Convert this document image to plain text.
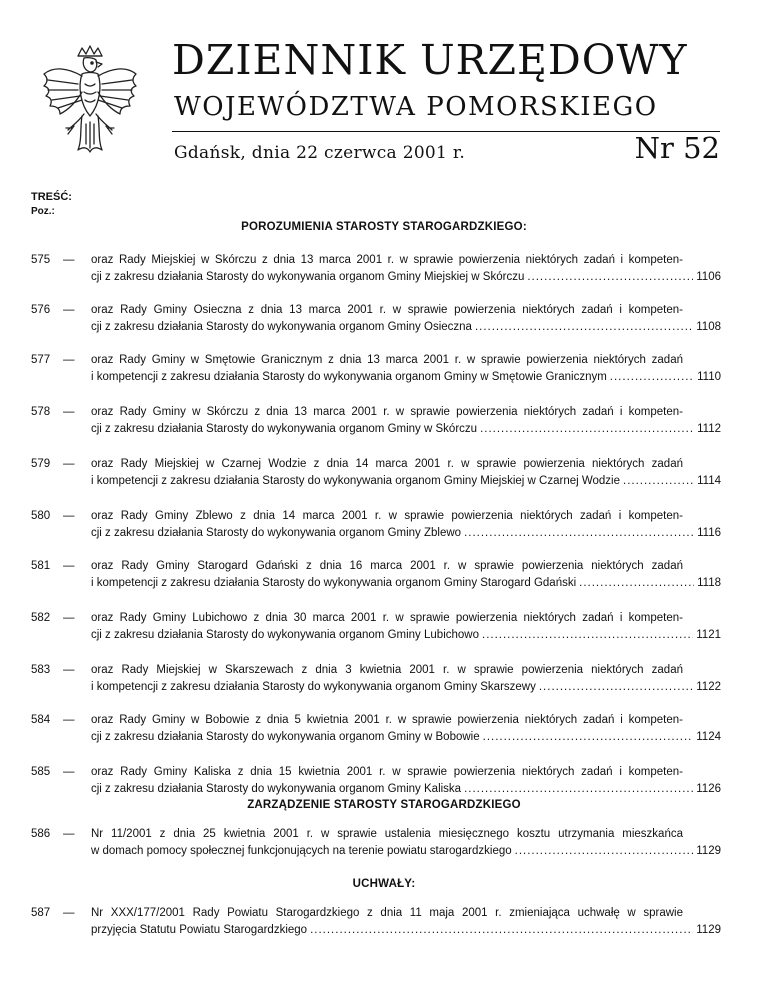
DZIENNIK URZĘDOWY
WOJEWÓDZTWA POMORSKIEGO
Gdańsk, dnia 22 czerwca 2001 r.	Nr 52
TREŚĆ:
Poz.:
POROZUMIENIA STAROSTY STAROGARDZKIEGO:
575 — oraz Rady Miejskiej w Skórczu z dnia 13 marca 2001 r. w sprawie powierzenia niektórych zadań i kompeten-
cji z zakresu działania Starosty do wykonywania organom Gminy Miejskiej w Skórczu .....	1106
576 — oraz Rady Gminy Osieczna z dnia 13 marca 2001 r. w sprawie powierzenia niektórych zadań i kompeten-
cji z zakresu działania Starosty do wykonywania organom Gminy Osieczna .....	1108
577 — oraz Rady Gminy w Smętowie Granicznym z dnia 13 marca 2001 r. w sprawie powierzenia niektórych zadań
i kompetencji z zakresu działania Starosty do wykonywania organom Gminy w Smętowie Granicznym .....	1110
578 — oraz Rady Gminy w Skórczu z dnia 13 marca 2001 r. w sprawie powierzenia niektórych zadań i kompeten-
cji z zakresu działania Starosty do wykonywania organom Gminy w Skórczu .....	1112
579 — oraz Rady Miejskiej w Czarnej Wodzie z dnia 14 marca 2001 r. w sprawie powierzenia niektórych zadań
i kompetencji z zakresu działania Starosty do wykonywania organom Gminy Miejskiej w Czarnej Wodzie .....	1114
580 — oraz Rady Gminy Zblewo z dnia 14 marca 2001 r. w sprawie powierzenia niektórych zadań i kompeten-
cji z zakresu działania Starosty do wykonywania organom Gminy Zblewo .....	1116
581 — oraz Rady Gminy Starogard Gdański z dnia 16 marca 2001 r. w sprawie powierzenia niektórych zadań
i kompetencji z zakresu działania Starosty do wykonywania organom Gminy Starogard Gdański .....	1118
582 — oraz Rady Gminy Lubichowo z dnia 30 marca 2001 r. w sprawie powierzenia niektórych zadań i kompeten-
cji z zakresu działania Starosty do wykonywania organom Gminy Lubichowo .....	1121
583 — oraz Rady Miejskiej w Skarszewach z dnia 3 kwietnia 2001 r. w sprawie powierzenia niektórych zadań
i kompetencji z zakresu działania Starosty do wykonywania organom Gminy Skarszewy .....	1122
584 — oraz Rady Gminy w Bobowie z dnia 5 kwietnia 2001 r. w sprawie powierzenia niektórych zadań i kompeten-
cji z zakresu działania Starosty do wykonywania organom Gminy w Bobowie .....	1124
585 — oraz Rady Gminy Kaliska z dnia 15 kwietnia 2001 r. w sprawie powierzenia niektórych zadań i kompeten-
cji z zakresu działania Starosty do wykonywania organom Gminy Kaliska .....	1126
ZARZĄDZENIE STAROSTY STAROGARDZKIEGO
586 — Nr 11/2001 z dnia 25 kwietnia 2001 r. w sprawie ustalenia miesięcznego kosztu utrzymania mieszkańca
w domach pomocy społecznej funkcjonujących na terenie powiatu starogardzkiego .....	1129
UCHWAŁY:
587 — Nr XXX/177/2001 Rady Powiatu Starogardzkiego z dnia 11 maja 2001 r. zmieniająca uchwałę w sprawie
przyjęcia Statutu Powiatu Starogardzkiego .....	1129
